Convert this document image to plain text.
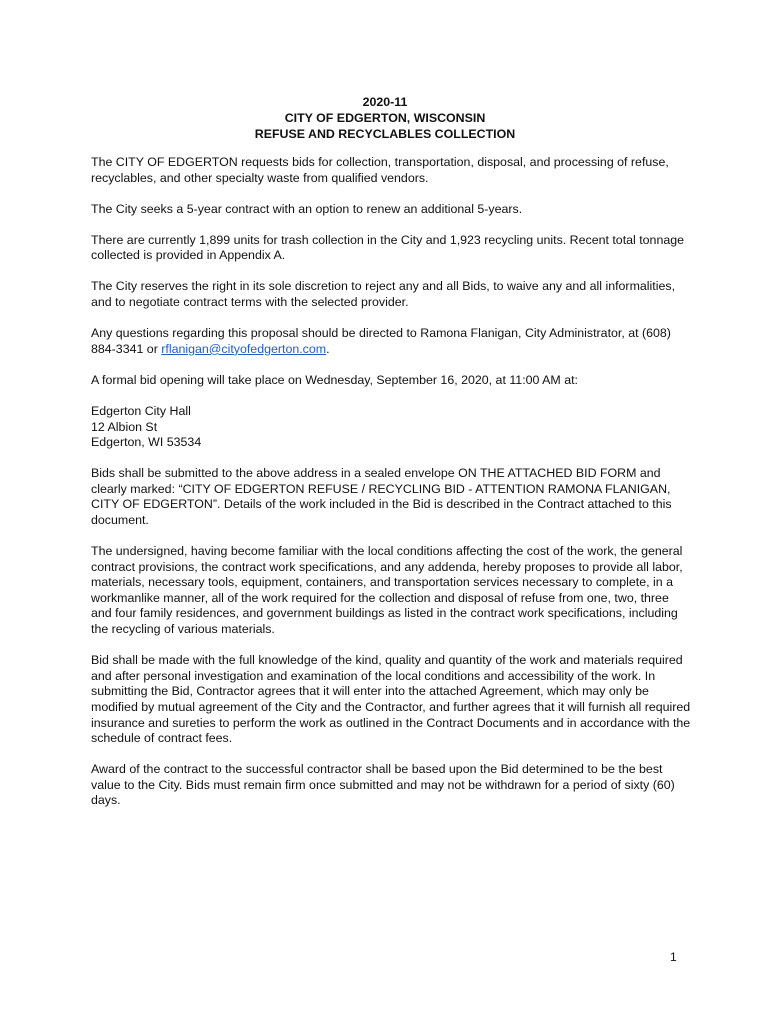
2020-11
CITY OF EDGERTON, WISCONSIN
REFUSE AND RECYCLABLES COLLECTION

The CITY OF EDGERTON requests bids for collection, transportation, disposal, and processing of refuse, recyclables, and other specialty waste from qualified vendors.

The City seeks a 5-year contract with an option to renew an additional 5-years.

There are currently 1,899 units for trash collection in the City and 1,923 recycling units. Recent total tonnage collected is provided in Appendix A.

The City reserves the right in its sole discretion to reject any and all Bids, to waive any and all informalities, and to negotiate contract terms with the selected provider.

Any questions regarding this proposal should be directed to Ramona Flanigan, City Administrator, at (608) 884-3341 or rflanigan@cityofedgerton.com.

A formal bid opening will take place on Wednesday, September 16, 2020, at 11:00 AM at:

Edgerton City Hall
12 Albion St
Edgerton, WI 53534

Bids shall be submitted to the above address in a sealed envelope ON THE ATTACHED BID FORM and clearly marked: “CITY OF EDGERTON REFUSE / RECYCLING BID - ATTENTION RAMONA FLANIGAN, CITY OF EDGERTON”. Details of the work included in the Bid is described in the Contract attached to this document.

The undersigned, having become familiar with the local conditions affecting the cost of the work, the general contract provisions, the contract work specifications, and any addenda, hereby proposes to provide all labor, materials, necessary tools, equipment, containers, and transportation services necessary to complete, in a workmanlike manner, all of the work required for the collection and disposal of refuse from one, two, three and four family residences, and government buildings as listed in the contract work specifications, including the recycling of various materials.

Bid shall be made with the full knowledge of the kind, quality and quantity of the work and materials required and after personal investigation and examination of the local conditions and accessibility of the work. In submitting the Bid, Contractor agrees that it will enter into the attached Agreement, which may only be modified by mutual agreement of the City and the Contractor, and further agrees that it will furnish all required insurance and sureties to perform the work as outlined in the Contract Documents and in accordance with the schedule of contract fees.

Award of the contract to the successful contractor shall be based upon the Bid determined to be the best value to the City. Bids must remain firm once submitted and may not be withdrawn for a period of sixty (60) days.

1
